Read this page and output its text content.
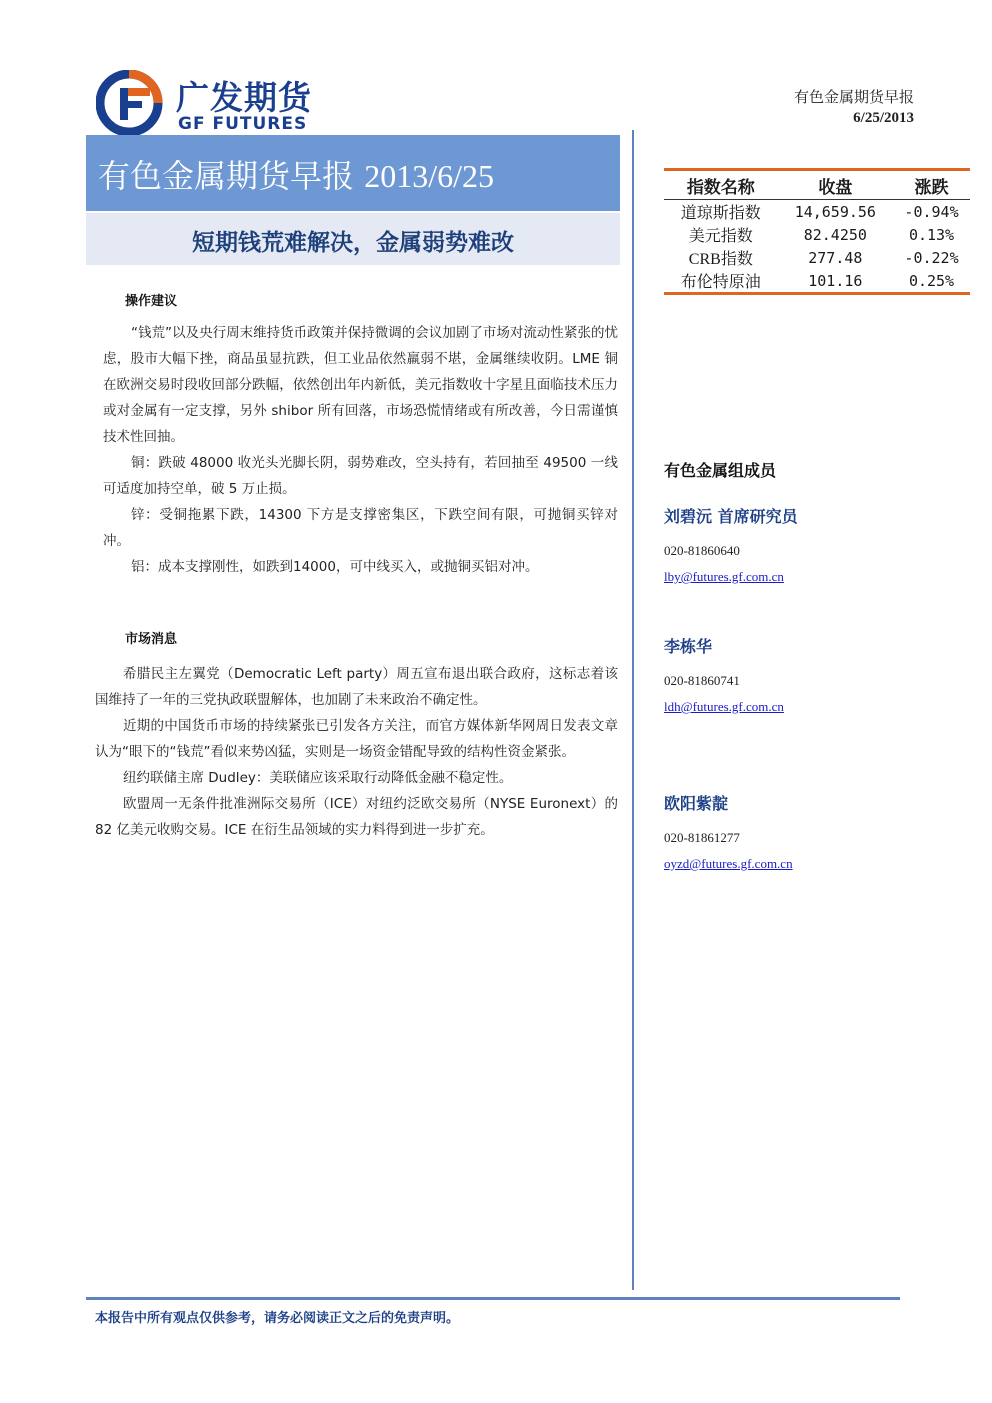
广发期货
GF FUTURES
有色金属期货早报
6/25/2013
有色金属期货早报 2013/6/25
短期钱荒难解决，金属弱势难改
指数名称	收盘	涨跌
道琼斯指数	14,659.56	-0.94%
美元指数	82.4250	0.13%
CRB指数	277.48	-0.22%
布伦特原油	101.16	0.25%
操作建议

“钱荒”以及央行周末维持货币政策并保持微调的会议加剧了市场对流动性紧张的忧虑，股市大幅下挫，商品虽显抗跌，但工业品依然羸弱不堪，金属继续收阴。LME 铜在欧洲交易时段收回部分跌幅，依然创出年内新低，美元指数收十字星且面临技术压力或对金属有一定支撑，另外 shibor 所有回落，市场恐慌情绪或有所改善，今日需谨慎技术性回抽。

铜：跌破 48000 收光头光脚长阴，弱势难改，空头持有，若回抽至 49500 一线可适度加持空单，破 5 万止损。

锌：受铜拖累下跌，14300 下方是支撑密集区，下跌空间有限，可抛铜买锌对冲。

铝：成本支撑刚性，如跌到14000，可中线买入，或抛铜买铝对冲。

市场消息

希腊民主左翼党（Democratic Left party）周五宣布退出联合政府，这标志着该国维持了一年的三党执政联盟解体，也加剧了未来政治不确定性。

近期的中国货币市场的持续紧张已引发各方关注，而官方媒体新华网周日发表文章认为“眼下的“钱荒”看似来势凶猛，实则是一场资金错配导致的结构性资金紧张。

纽约联储主席 Dudley：美联储应该采取行动降低金融不稳定性。

欧盟周一无条件批准洲际交易所（ICE）对纽约泛欧交易所（NYSE Euronext）的82 亿美元收购交易。ICE 在衍生品领域的实力料得到进一步扩充。

有色金属组成员
刘碧沅 首席研究员
020-81860640
lby@futures.gf.com.cn
李栋华
020-81860741
ldh@futures.gf.com.cn
欧阳紫靛
020-81861277
oyzd@futures.gf.com.cn
本报告中所有观点仅供参考，请务必阅读正文之后的免责声明。
